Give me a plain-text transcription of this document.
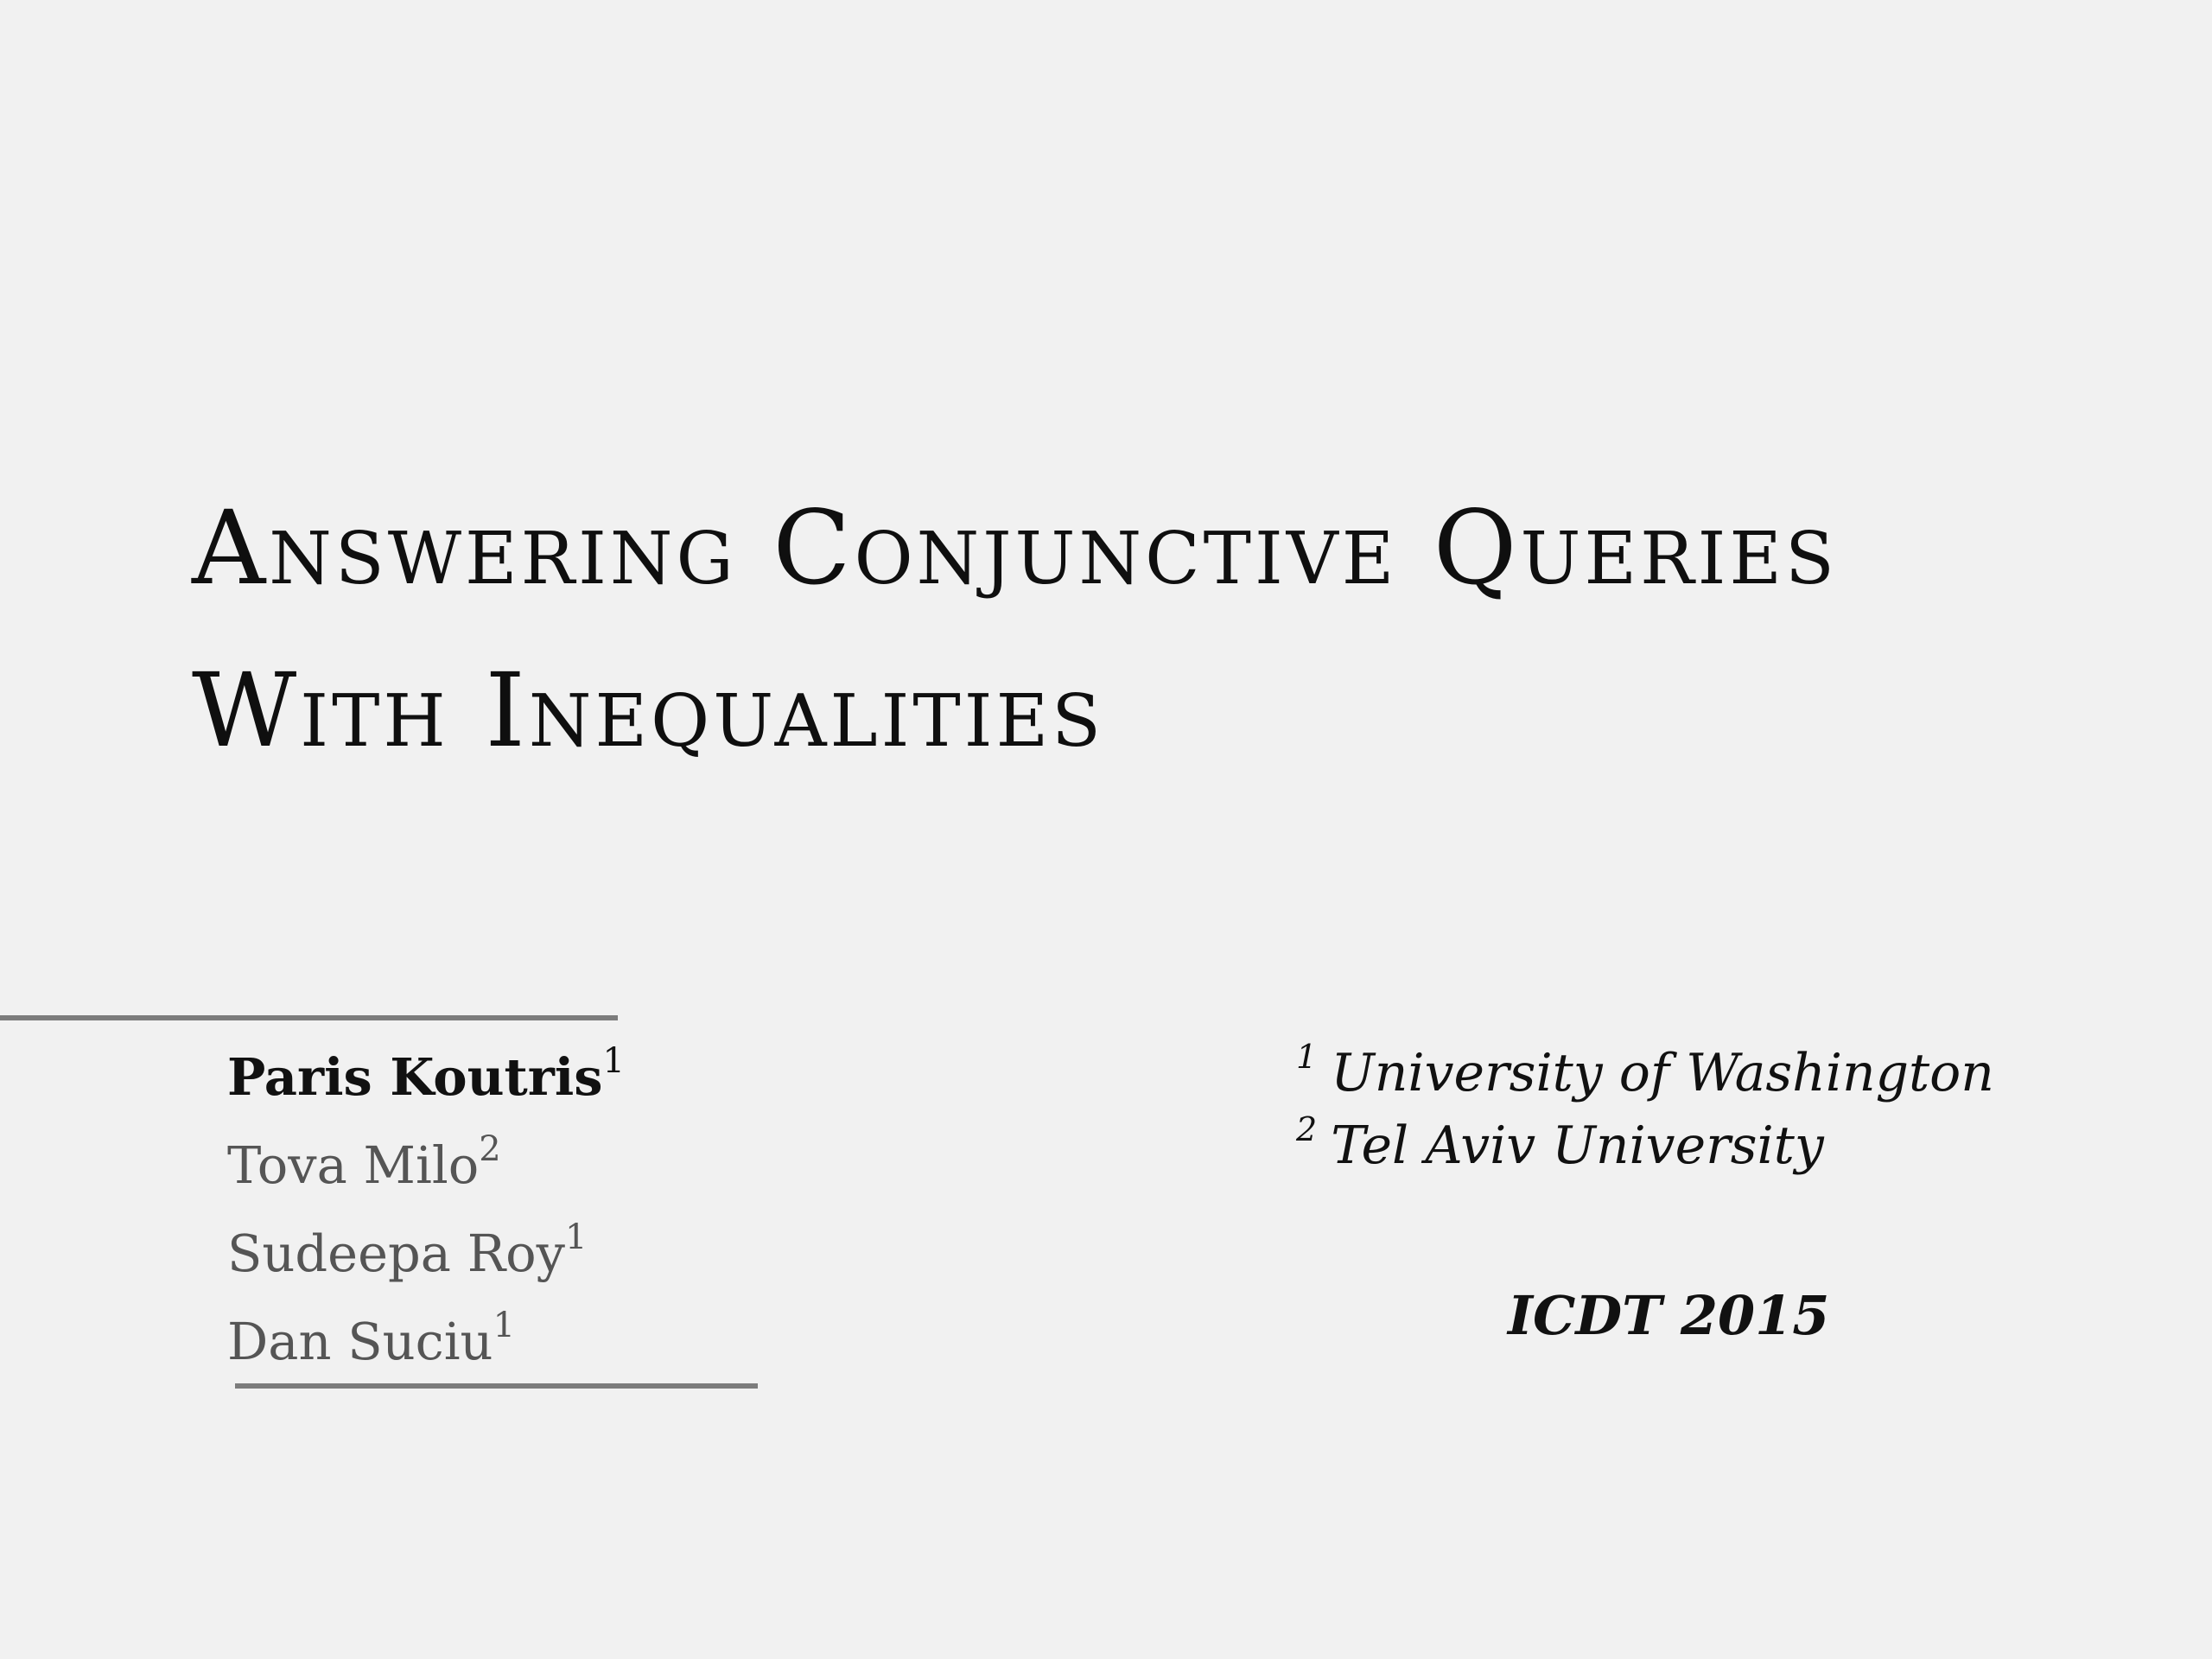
Answering Conjunctive Queries
With Inequalities
Paris Koutris$^1$
Tova Milo$^2$
Sudeepa Roy$^1$
Dan Suciu$^1$
$^1$ University of Washington
$^2$ Tel Aviv University
ICDT 2015
